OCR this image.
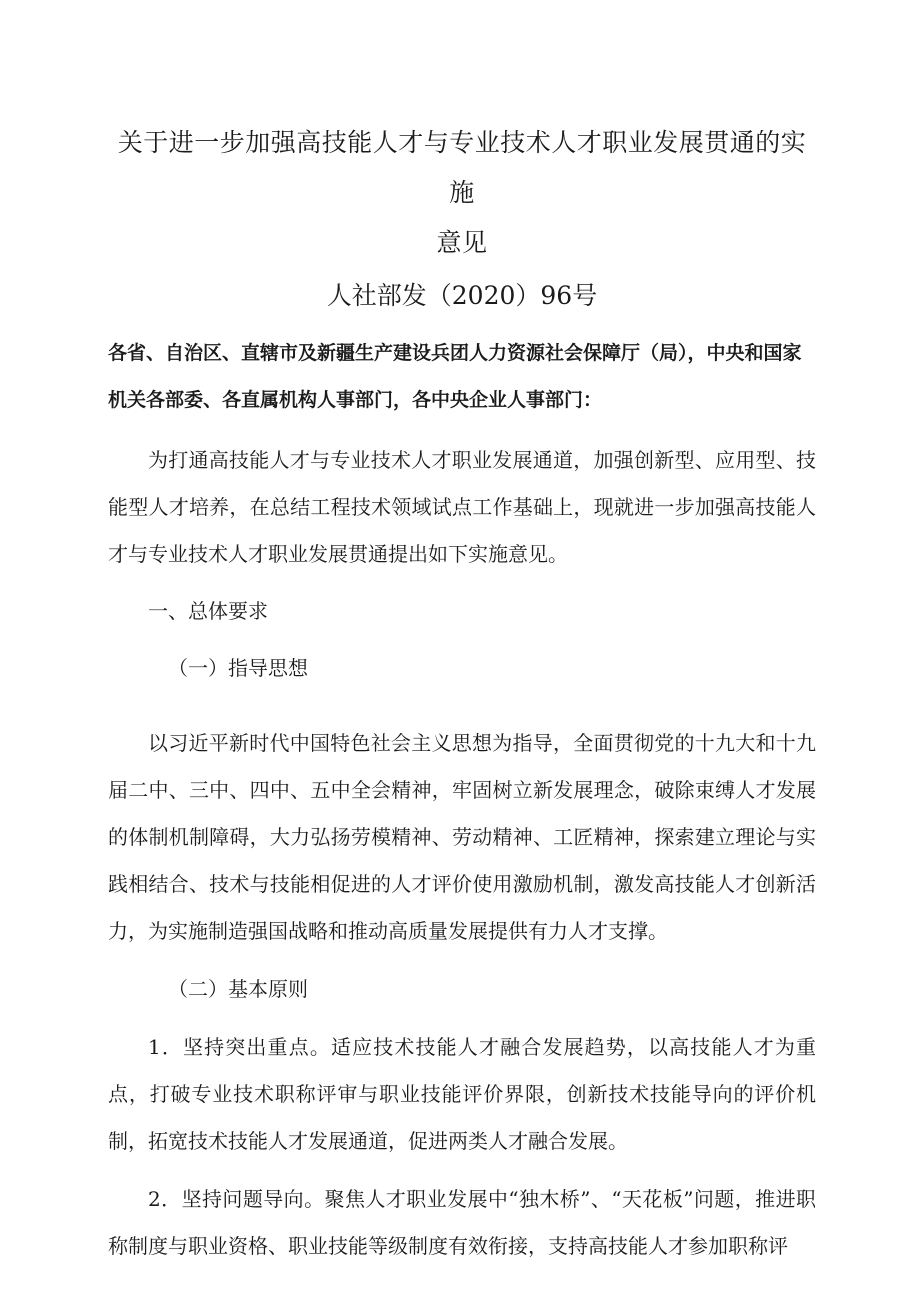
关于进一步加强高技能人才与专业技术人才职业发展贯通的实施
意见

人社部发（2020）96号

各省、自治区、直辖市及新疆生产建设兵团人力资源社会保障厅（局），中央和国家机关各部委、各直属机构人事部门，各中央企业人事部门：

为打通高技能人才与专业技术人才职业发展通道，加强创新型、应用型、技能型人才培养，在总结工程技术领域试点工作基础上，现就进一步加强高技能人才与专业技术人才职业发展贯通提出如下实施意见。

一、总体要求

（一）指导思想

以习近平新时代中国特色社会主义思想为指导，全面贯彻党的十九大和十九届二中、三中、四中、五中全会精神，牢固树立新发展理念，破除束缚人才发展的体制机制障碍，大力弘扬劳模精神、劳动精神、工匠精神，探索建立理论与实践相结合、技术与技能相促进的人才评价使用激励机制，激发高技能人才创新活力，为实施制造强国战略和推动高质量发展提供有力人才支撑。

（二）基本原则

1．坚持突出重点。适应技术技能人才融合发展趋势，以高技能人才为重点，打破专业技术职称评审与职业技能评价界限，创新技术技能导向的评价机制，拓宽技术技能人才发展通道，促进两类人才融合发展。

2．坚持问题导向。聚焦人才职业发展中“独木桥”、“天花板”问题，推进职称制度与职业资格、职业技能等级制度有效衔接，支持高技能人才参加职称评
